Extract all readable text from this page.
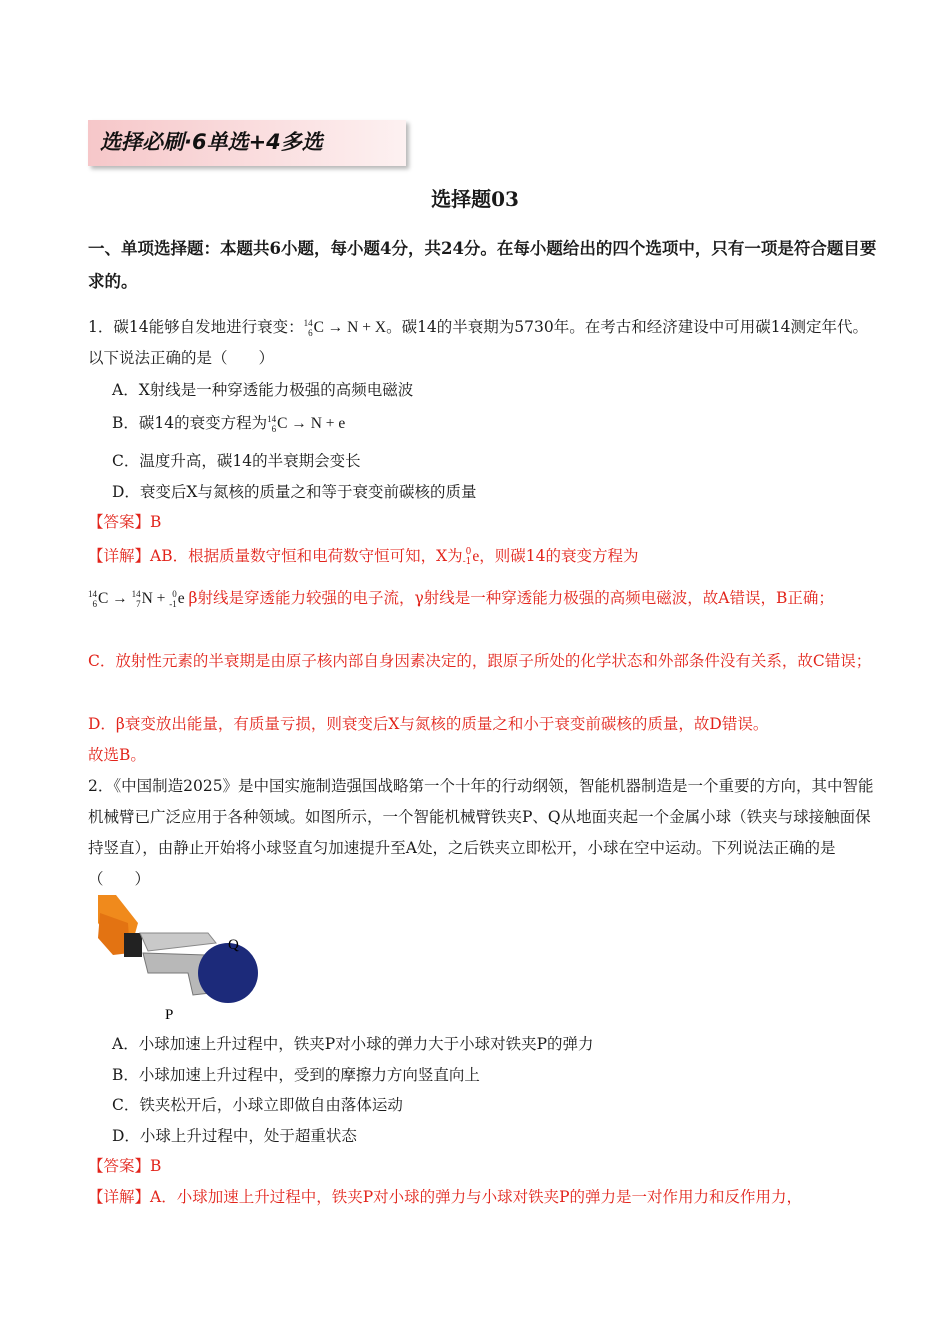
选择必刷·6单选+4多选
选择题03
一、单项选择题：本题共6小题，每小题4分，共24分。在每小题给出的四个选项中，只有一项是符合题目要求的。
1．碳14能够自发地进行衰变：14
6C → N + X。碳14的半衰期为5730年。在考古和经济建设中可用碳14测定年代。以下说法正确的是（　　）
A．X射线是一种穿透能力极强的高频电磁波
B．碳14的衰变方程为14
6C → N + e
C．温度升高，碳14的半衰期会变长
D．衰变后X与氮核的质量之和等于衰变前碳核的质量
【答案】B
【详解】AB．根据质量数守恒和电荷数守恒可知，X为 0
-1e，则碳14的衰变方程为
14
6C → 14
7N + 0
-1e β射线是穿透能力较强的电子流，γ射线是一种穿透能力极强的高频电磁波，故A错误，B正确；
C．放射性元素的半衰期是由原子核内部自身因素决定的，跟原子所处的化学状态和外部条件没有关系，故C错误；
D．β衰变放出能量，有质量亏损，则衰变后X与氮核的质量之和小于衰变前碳核的质量，故D错误。
故选B。
2．《中国制造2025》是中国实施制造强国战略第一个十年的行动纲领，智能机器制造是一个重要的方向，其中智能机械臂已广泛应用于各种领域。如图所示，一个智能机械臂铁夹P、Q从地面夹起一个金属小球（铁夹与球接触面保持竖直），由静止开始将小球竖直匀加速提升至A处，之后铁夹立即松开，小球在空中运动。下列说法正确的是（　　）
Q
P
A．小球加速上升过程中，铁夹P对小球的弹力大于小球对铁夹P的弹力
B．小球加速上升过程中，受到的摩擦力方向竖直向上
C．铁夹松开后，小球立即做自由落体运动
D．小球上升过程中，处于超重状态
【答案】B
【详解】A．小球加速上升过程中，铁夹P对小球的弹力与小球对铁夹P的弹力是一对作用力和反作用力，
